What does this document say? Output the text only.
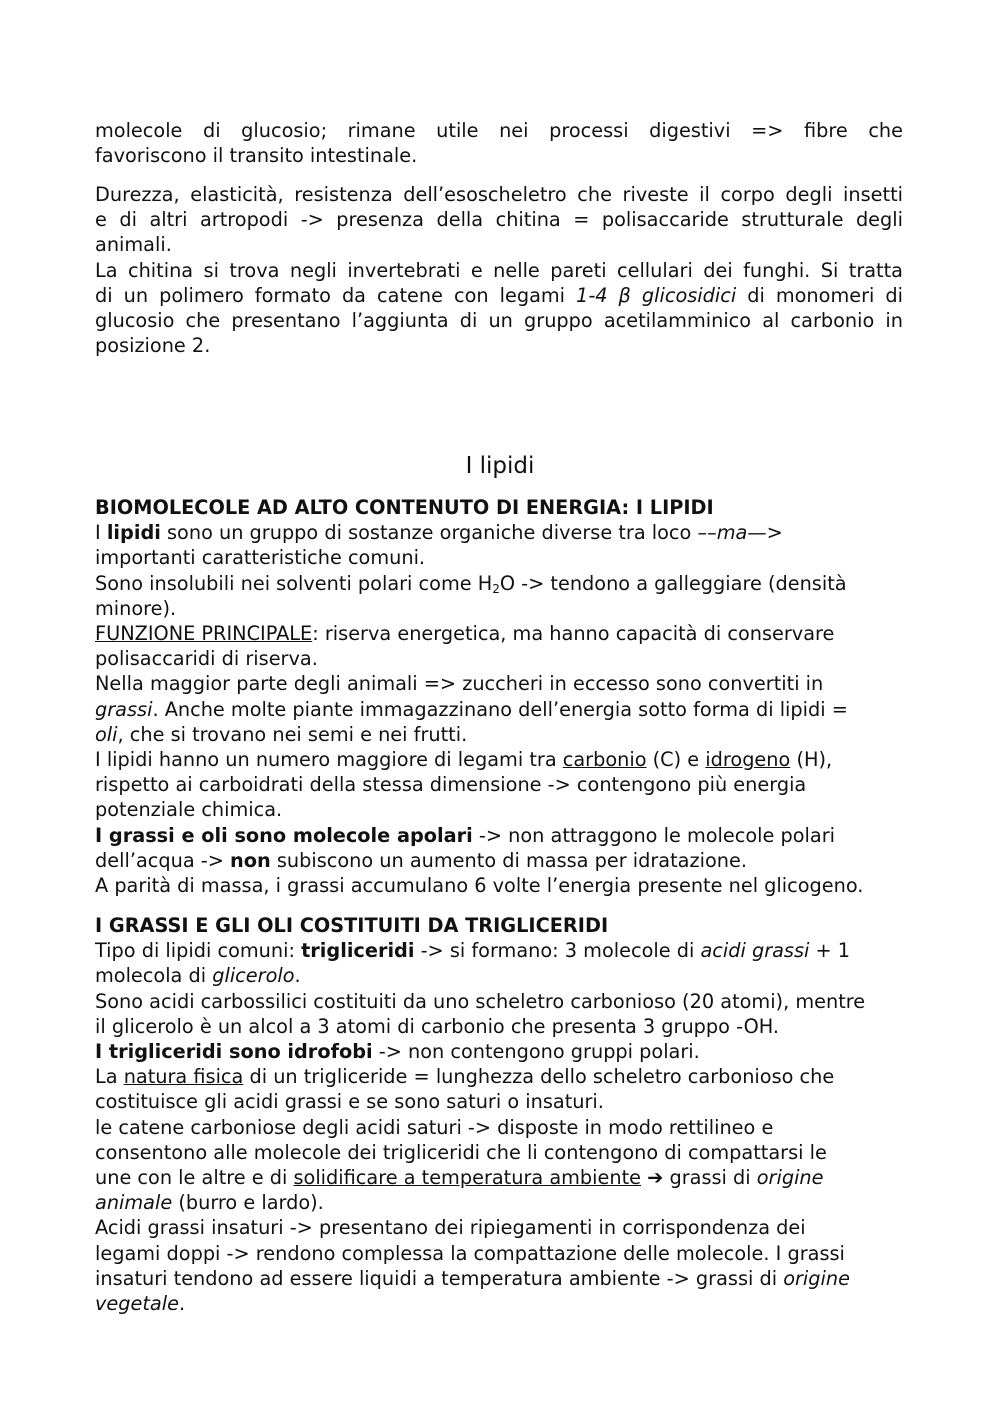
molecole di glucosio; rimane utile nei processi digestivi => fibre che
favoriscono il transito intestinale.
Durezza, elasticità, resistenza dell’esoscheletro che riveste il corpo degli insetti
e di altri artropodi -> presenza della chitina = polisaccaride strutturale degli
animali.
La chitina si trova negli invertebrati e nelle pareti cellulari dei funghi. Si tratta
di un polimero formato da catene con legami 1-4 β glicosidici di monomeri di
glucosio che presentano l’aggiunta di un gruppo acetilamminico al carbonio in
posizione 2.
I lipidi
BIOMOLECOLE AD ALTO CONTENUTO DI ENERGIA: I LIPIDI
I lipidi sono un gruppo di sostanze organiche diverse tra loco ––ma—>
importanti caratteristiche comuni.
Sono insolubili nei solventi polari come $H_2O$ -> tendono a galleggiare (densità
minore).
FUNZIONE PRINCIPALE: riserva energetica, ma hanno capacità di conservare
polisaccaridi di riserva.
Nella maggior parte degli animali => zuccheri in eccesso sono convertiti in
grassi. Anche molte piante immagazzinano dell’energia sotto forma di lipidi =
oli, che si trovano nei semi e nei frutti.
I lipidi hanno un numero maggiore di legami tra carbonio (C) e idrogeno (H),
rispetto ai carboidrati della stessa dimensione -> contengono più energia
potenziale chimica.
I grassi e oli sono molecole apolari -> non attraggono le molecole polari
dell’acqua -> non subiscono un aumento di massa per idratazione.
A parità di massa, i grassi accumulano 6 volte l’energia presente nel glicogeno.
I GRASSI E GLI OLI COSTITUITI DA TRIGLICERIDI
Tipo di lipidi comuni: trigliceridi -> si formano: 3 molecole di acidi grassi + 1
molecola di glicerolo.
Sono acidi carbossilici costituiti da uno scheletro carbonioso (20 atomi), mentre
il glicerolo è un alcol a 3 atomi di carbonio che presenta 3 gruppo -OH.
I trigliceridi sono idrofobi -> non contengono gruppi polari.
La natura fisica di un trigliceride = lunghezza dello scheletro carbonioso che
costituisce gli acidi grassi e se sono saturi o insaturi.
le catene carboniose degli acidi saturi -> disposte in modo rettilineo e
consentono alle molecole dei trigliceridi che li contengono di compattarsi le
une con le altre e di solidificare a temperatura ambiente ➔ grassi di origine
animale (burro e lardo).
Acidi grassi insaturi -> presentano dei ripiegamenti in corrispondenza dei
legami doppi -> rendono complessa la compattazione delle molecole. I grassi
insaturi tendono ad essere liquidi a temperatura ambiente -> grassi di origine
vegetale.
